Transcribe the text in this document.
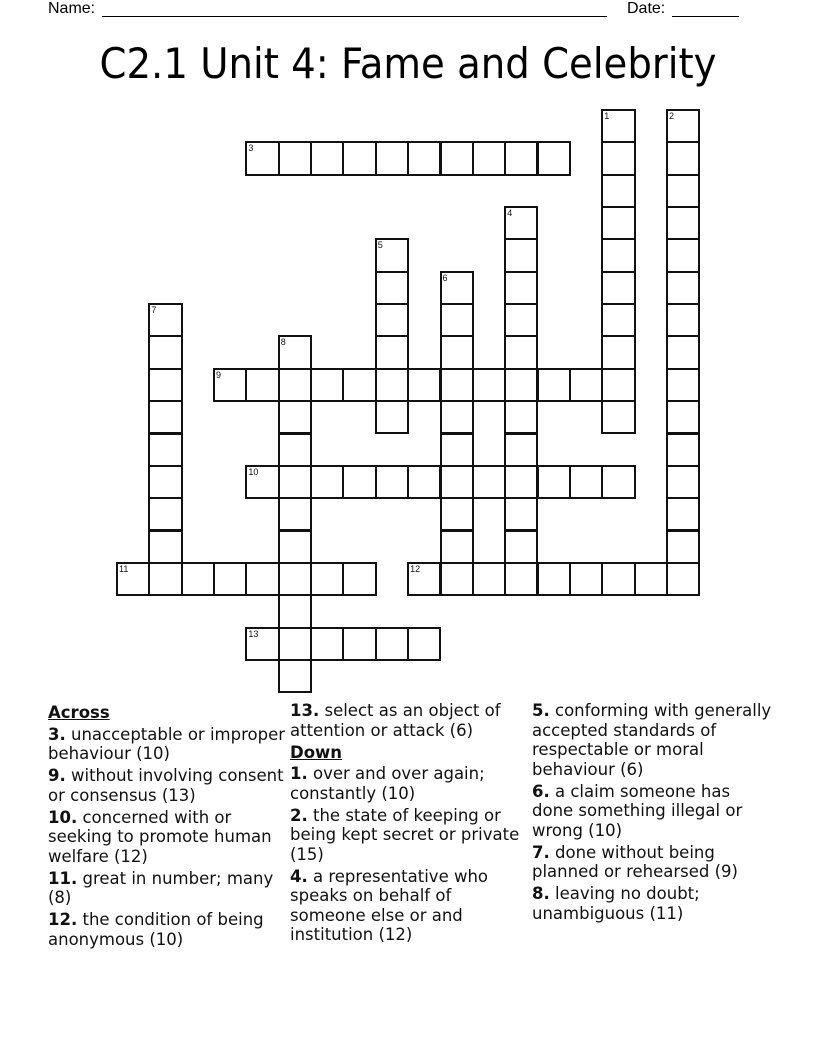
Name:	Date:
C2.1 Unit 4: Fame and Celebrity
1	2
3
4
5
6
7
8
9
10
11	12
13
Across
3. unacceptable or improper behaviour (10)
9. without involving consent or consensus (13)
10. concerned with or seeking to promote human welfare (12)
11. great in number; many (8)
12. the condition of being anonymous (10)
13. select as an object of attention or attack (6)
Down
1. over and over again; constantly (10)
2. the state of keeping or being kept secret or private (15)
4. a representative who speaks on behalf of someone else or and institution (12)
5. conforming with generally accepted standards of respectable or moral behaviour (6)
6. a claim someone has done something illegal or wrong (10)
7. done without being planned or rehearsed (9)
8. leaving no doubt; unambiguous (11)
